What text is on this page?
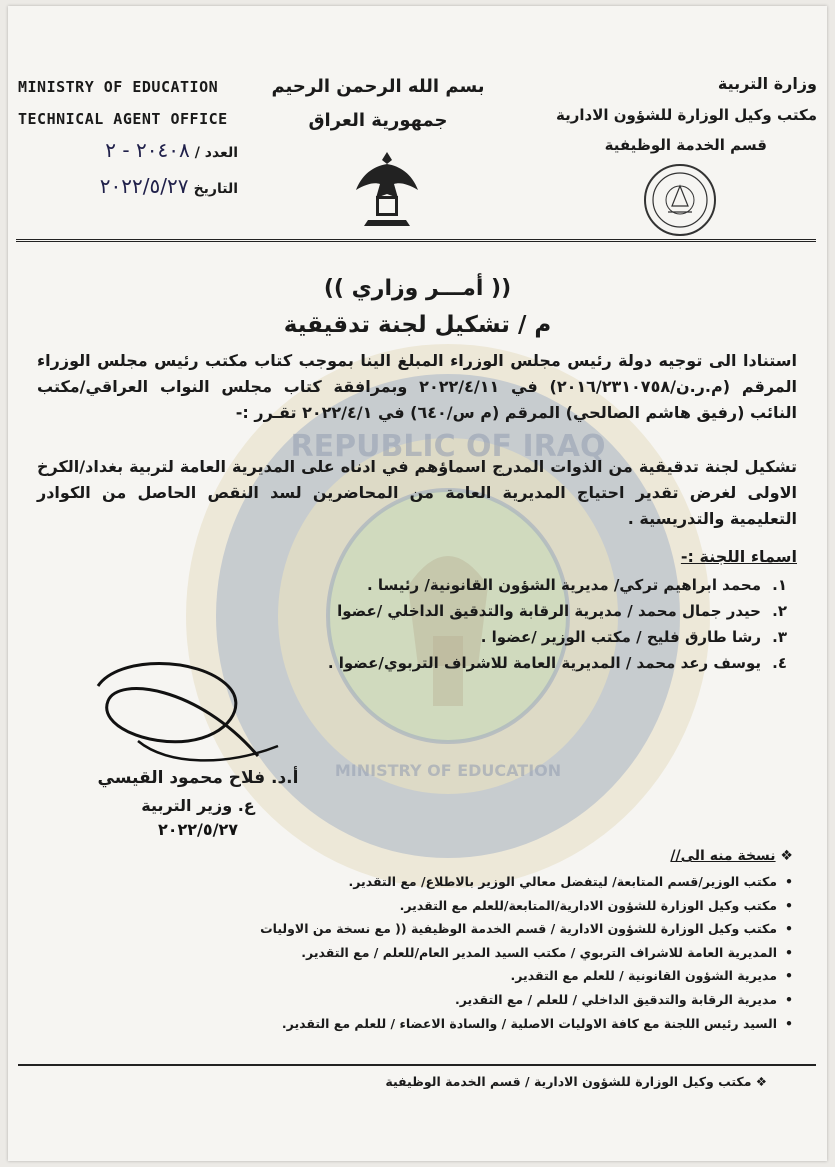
REPUBLIC OF IRAQ
MINISTRY OF EDUCATION
MINISTRY OF EDUCATION
TECHNICAL AGENT OFFICE
العدد / ٢٠٤٠٨ - ٢
التاريخ ٢٠٢٢/٥/٢٧
بسم الله الرحمن الرحيم
جمهورية العراق
وزارة التربية
مكتب وكيل الوزارة للشؤون الادارية
قسم الخدمة الوظيفية
(( أمـــر وزاري ))
م / تشكيل لجنة تدقيقية
استنادا الى توجيه دولة رئيس مجلس الوزراء المبلغ الينا بموجب كتاب مكتب رئيس مجلس الوزراء المرقم (م.ر.ن/٢٠١٦/٢٣١٠٧٥٨) في ٢٠٢٢/٤/١١ وبمرافقة كتاب مجلس النواب العراقي/مكتب النائب (رفيق هاشم الصالحي) المرقم (م س/٦٤٠) في ٢٠٢٢/٤/١ تقـرر :-
تشكيل لجنة تدقيقية من الذوات المدرج اسماؤهم في ادناه على المديرية العامة لتربية بغداد/الكرخ الاولى لغرض تقدير احتياج المديرية العامة من المحاضرين لسد النقص الحاصل من الكوادر التعليمية والتدريسية .
اسماء اللجنة :-
١.محمد ابراهيم تركي/ مديرية الشؤون القانونية/ رئيسا .
٢.حيدر جمال محمد / مديرية الرقابة والتدقيق الداخلي /عضوا
٣.رشا طارق فليح / مكتب الوزير /عضوا .
٤.يوسف رعد محمد / المديرية العامة للاشراف التربوي/عضوا .
أ.د. فلاح محمود القيسي
ع. وزير التربية
٢٠٢٢/٥/٢٧
❖ نسخة منه الى//
• مكتب الوزير/قسم المتابعة/ ليتفضل معالي الوزير بالاطلاع/ مع التقدير.
• مكتب وكيل الوزارة للشؤون الادارية/المتابعة/للعلم مع التقدير.
• مكتب وكيل الوزارة للشؤون الادارية / قسم الخدمة الوظيفية (( مع نسخة من الاوليات
• المديرية العامة للاشراف التربوي / مكتب السيد المدير العام/للعلم / مع التقدير.
• مديرية الشؤون القانونية / للعلم مع التقدير.
• مديرية الرقابة والتدقيق الداخلي / للعلم / مع التقدير.
• السيد رئيس اللجنة مع كافة الاوليات الاصلية / والسادة الاعضاء / للعلم مع التقدير.
❖ مكتب وكيل الوزارة للشؤون الادارية / قسم الخدمة الوظيفية
